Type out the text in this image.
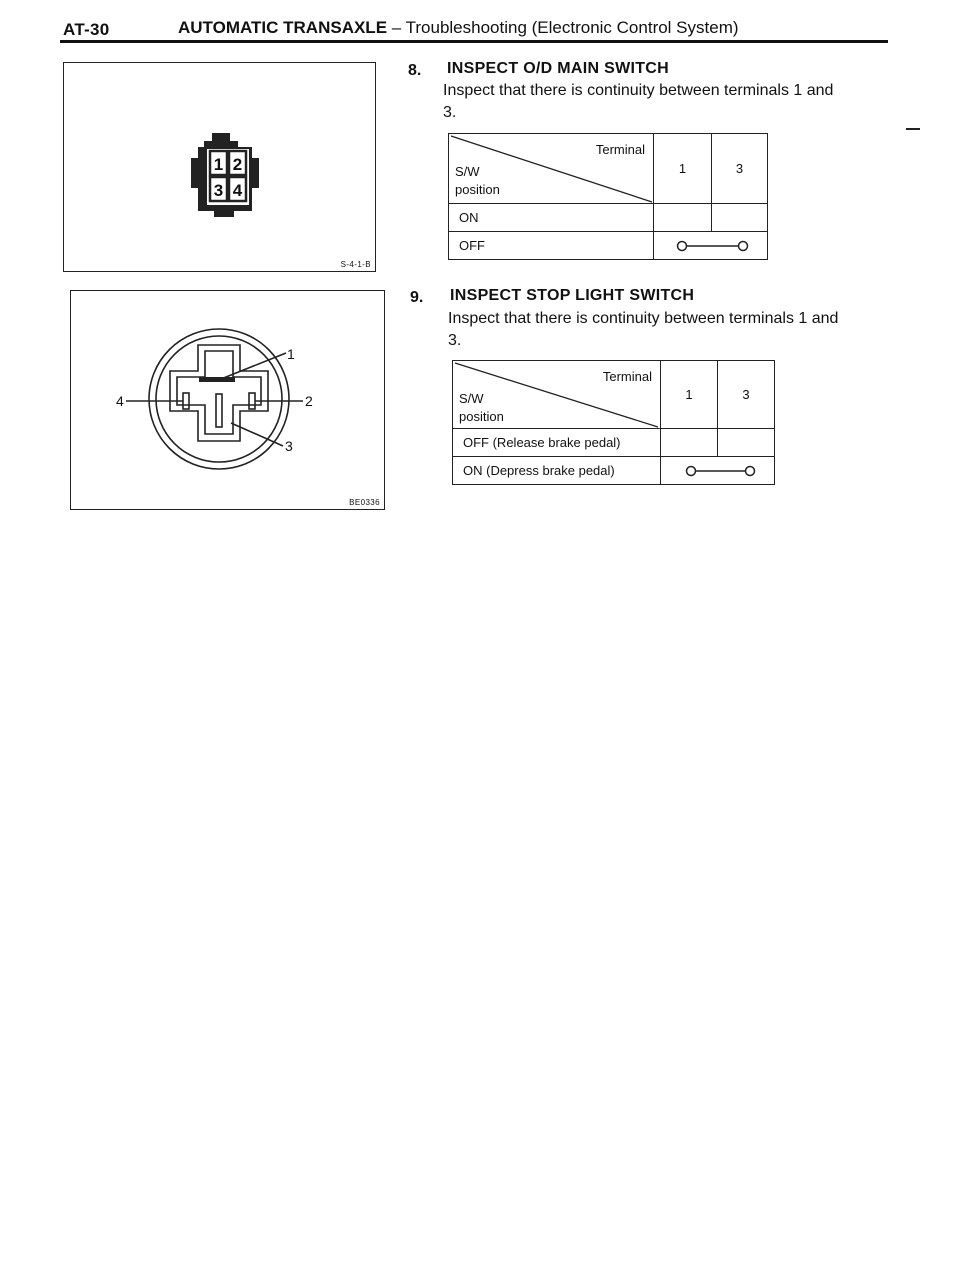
AT-30	AUTOMATIC TRANSAXLE – Troubleshooting (Electronic Control System)
1 2
3 4
S-4-1-B
1
2
3
4
BE0336
8. INSPECT O/D MAIN SWITCH
Inspect that there is continuity between terminals 1 and
3.
Terminal
S/W
position	1	3
ON		
OFF	
9. INSPECT STOP LIGHT SWITCH
Inspect that there is continuity between terminals 1 and
3.
Terminal
S/W
position	1	3
OFF (Release brake pedal)		
ON (Depress brake pedal)	
